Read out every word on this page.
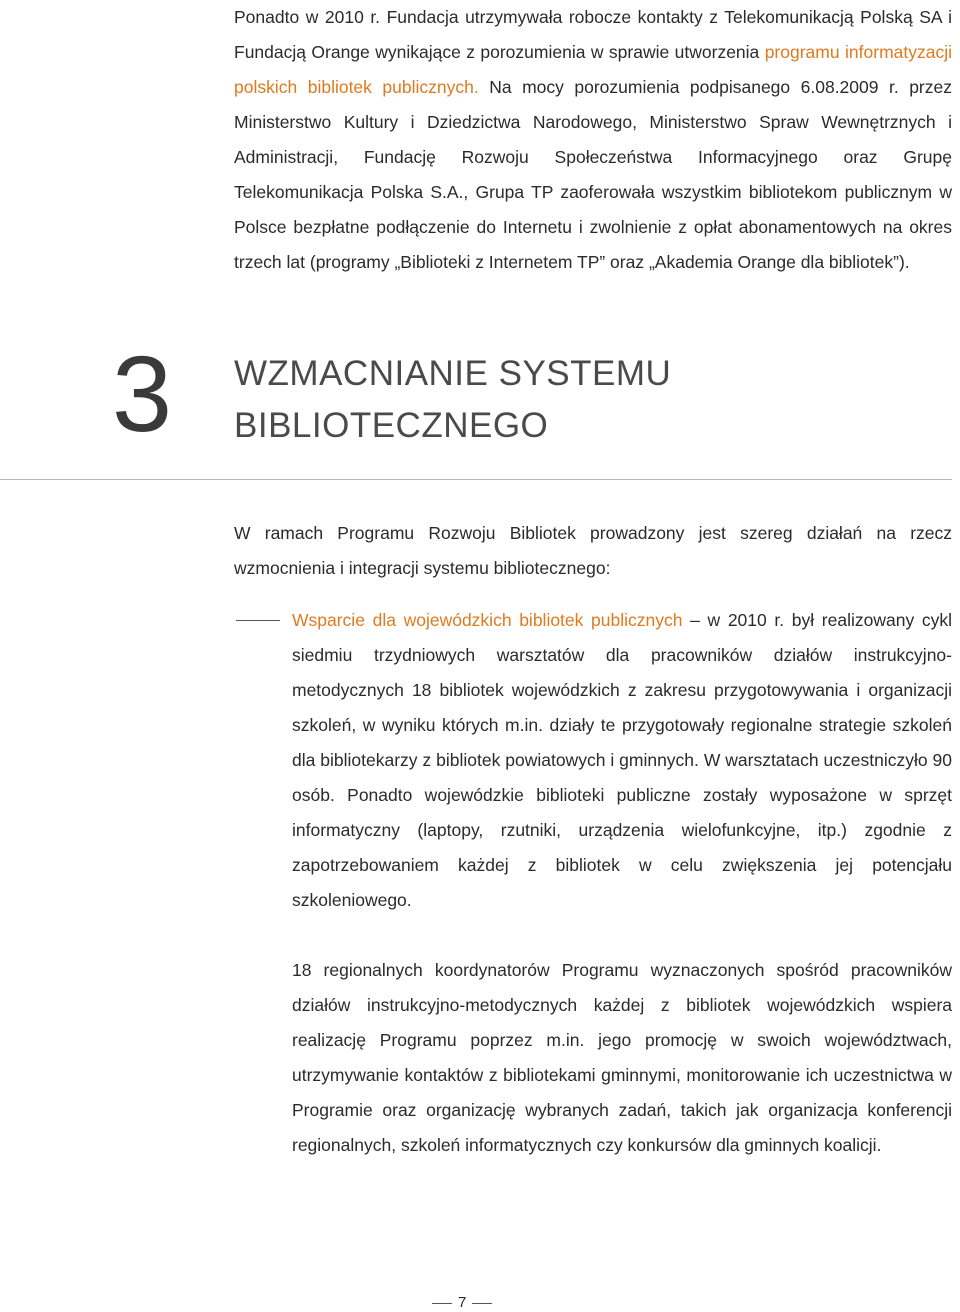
Ponadto w 2010 r. Fundacja utrzymywała robocze kontakty z Telekomunikacją Polską SA i Fundacją Orange wynikające z porozumienia w sprawie utworzenia programu informatyzacji polskich bibliotek publicznych. Na mocy porozumienia podpisanego 6.08.2009 r. przez Ministerstwo Kultury i Dziedzictwa Narodowego, Ministerstwo Spraw Wewnętrznych i Administracji, Fundację Rozwoju Społeczeństwa Informacyjnego oraz Grupę Telekomunikacja Polska S.A., Grupa TP zaoferowała wszystkim bibliotekom publicznym w Polsce bezpłatne podłączenie do Internetu i zwolnienie z opłat abonamentowych na okres trzech lat (programy „Biblioteki z Internetem TP” oraz „Akademia Orange dla bibliotek”).

3 WZMACNIANIE SYSTEMU
BIBLIOTECZNEGO

W ramach Programu Rozwoju Bibliotek prowadzony jest szereg działań na rzecz wzmocnienia i integracji systemu bibliotecznego:

Wsparcie dla wojewódzkich bibliotek publicznych – w 2010 r. był realizowany cykl siedmiu trzydniowych warsztatów dla pracowników działów instrukcyjno-metodycznych 18 bibliotek wojewódzkich z zakresu przygotowywania i organizacji szkoleń, w wyniku których m.in. działy te przygotowały regionalne strategie szkoleń dla bibliotekarzy z bibliotek powiatowych i gminnych. W warsztatach uczestniczyło 90 osób. Ponadto wojewódzkie biblioteki publiczne zostały wyposażone w sprzęt informatyczny (laptopy, rzutniki, urządzenia wielofunkcyjne, itp.) zgodnie z zapotrzebowaniem każdej z bibliotek w celu zwiększenia jej potencjału szkoleniowego.

18 regionalnych koordynatorów Programu wyznaczonych spośród pracowników działów instrukcyjno-metodycznych każdej z bibliotek wojewódzkich wspiera realizację Programu poprzez m.in. jego promocję w swoich województwach, utrzymywanie kontaktów z bibliotekami gminnymi, monitorowanie ich uczestnictwa w Programie oraz organizację wybranych zadań, takich jak organizacja konferencji regionalnych, szkoleń informatycznych czy konkursów dla gminnych koalicji.

7
